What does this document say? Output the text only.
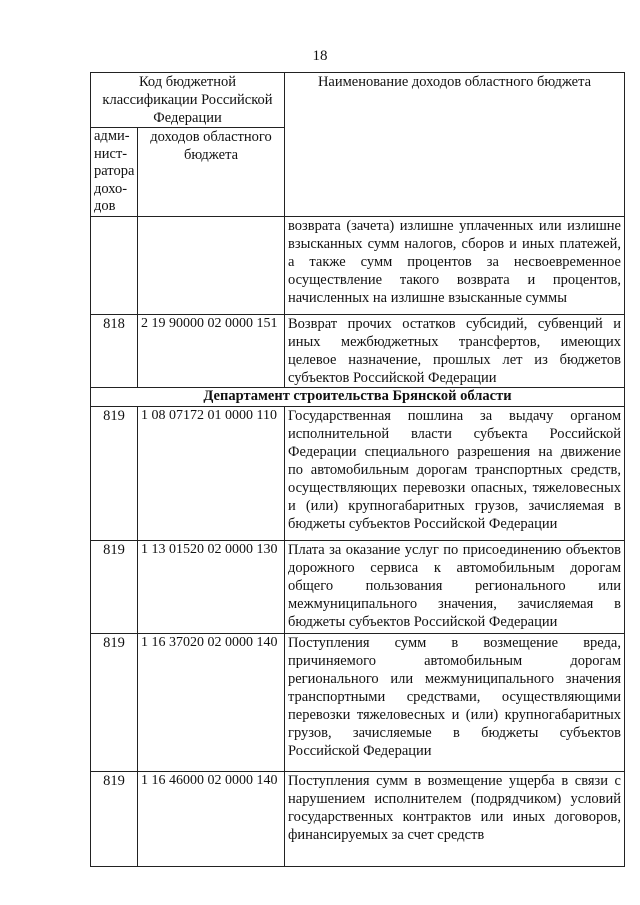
18
Код бюджетной классификации Российской Федерации		Наименование доходов областного бюджета
адми-нист-ратора дохо-дов	доходов областного бюджета	
		возврата (зачета) излишне уплаченных или излишне взысканных сумм налогов, сборов и иных платежей, а также сумм процентов за несвоевременное осуществление такого возврата и процентов, начисленных на излишне взысканные суммы
818	2 19 90000 02 0000 151	Возврат прочих остатков субсидий, субвенций и иных межбюджетных трансфертов, имеющих целевое назначение, прошлых лет из бюджетов субъектов Российской Федерации
Департамент строительства Брянской области		
819	1 08 07172 01 0000 110	Государственная пошлина за выдачу органом исполнительной власти субъекта Российской Федерации специального разрешения на движение по автомобильным дорогам транспортных средств, осуществляющих перевозки опасных, тяжеловесных и (или) крупногабаритных грузов, зачисляемая в бюджеты субъектов Российской Федерации
819	1 13 01520 02 0000 130	Плата за оказание услуг по присоединению объектов дорожного сервиса к автомобильным дорогам общего пользования регионального или межмуниципального значения, зачисляемая в бюджеты субъектов Российской Федерации
819	1 16 37020 02 0000 140	Поступления сумм в возмещение вреда, причиняемого автомобильным дорогам регионального или межмуниципального значения транспортными средствами, осуществляющими перевозки тяжеловесных и (или) крупногабаритных грузов, зачисляемые в бюджеты субъектов Российской Федерации
819	1 16 46000 02 0000 140	Поступления сумм в возмещение ущерба в связи с нарушением исполнителем (подрядчиком) условий государственных контрактов или иных договоров, финансируемых за счет средств
